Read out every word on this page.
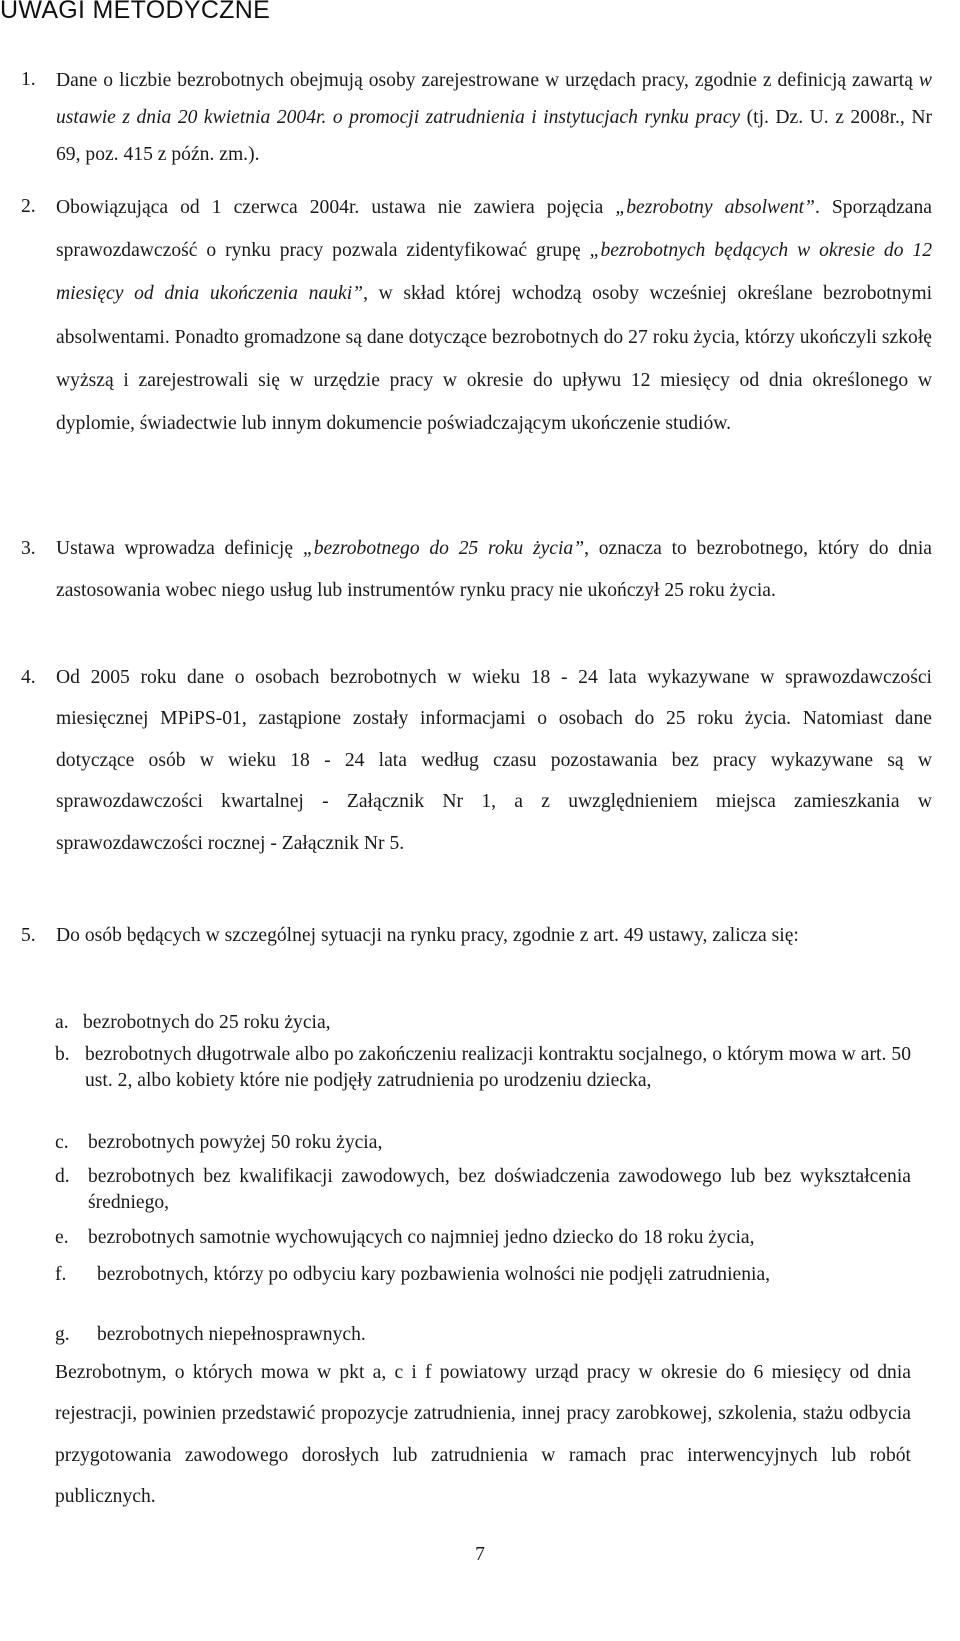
UWAGI METODYCZNE
1. Dane o liczbie bezrobotnych obejmują osoby zarejestrowane w urzędach pracy, zgodnie z definicją zawartą w ustawie z dnia 20 kwietnia 2004r. o promocji zatrudnienia i instytucjach rynku pracy (tj. Dz. U. z 2008r., Nr 69, poz. 415 z późn. zm.).

2. Obowiązująca od 1 czerwca 2004r. ustawa nie zawiera pojęcia „bezrobotny absolwent”. Sporządzana sprawozdawczość o rynku pracy pozwala zidentyfikować grupę „bezrobotnych będących w okresie do 12 miesięcy od dnia ukończenia nauki”, w skład której wchodzą osoby wcześniej określane bezrobotnymi absolwentami. Ponadto gromadzone są dane dotyczące bezrobotnych do 27 roku życia, którzy ukończyli szkołę wyższą i zarejestrowali się w urzędzie pracy w okresie do upływu 12 miesięcy od dnia określonego w dyplomie, świadectwie lub innym dokumencie poświadczającym ukończenie studiów.

3. Ustawa wprowadza definicję „bezrobotnego do 25 roku życia”, oznacza to bezrobotnego, który do dnia zastosowania wobec niego usług lub instrumentów rynku pracy nie ukończył 25 roku życia.

4. Od 2005 roku dane o osobach bezrobotnych w wieku 18 - 24 lata wykazywane w sprawozdawczości miesięcznej MPiPS-01, zastąpione zostały informacjami o osobach do 25 roku życia. Natomiast dane dotyczące osób w wieku 18 - 24 lata według czasu pozostawania bez pracy wykazywane są w sprawozdawczości kwartalnej - Załącznik Nr 1, a z uwzględnieniem miejsca zamieszkania w sprawozdawczości rocznej - Załącznik Nr 5.

5. Do osób będących w szczególnej sytuacji na rynku pracy, zgodnie z art. 49 ustawy, zalicza się:

a. bezrobotnych do 25 roku życia,
b. bezrobotnych długotrwale albo po zakończeniu realizacji kontraktu socjalnego, o którym mowa w art. 50 ust. 2, albo kobiety które nie podjęły zatrudnienia po urodzeniu dziecka,
c. bezrobotnych powyżej 50 roku życia,
d. bezrobotnych bez kwalifikacji zawodowych, bez doświadczenia zawodowego lub bez wykształcenia średniego,
e. bezrobotnych samotnie wychowujących co najmniej jedno dziecko do 18 roku życia,
f. bezrobotnych, którzy po odbyciu kary pozbawienia wolności nie podjęli zatrudnienia,
g. bezrobotnych niepełnosprawnych.

Bezrobotnym, o których mowa w pkt a, c i f powiatowy urząd pracy w okresie do 6 miesięcy od dnia rejestracji, powinien przedstawić propozycje zatrudnienia, innej pracy zarobkowej, szkolenia, stażu odbycia przygotowania zawodowego dorosłych lub zatrudnienia w ramach prac interwencyjnych lub robót publicznych.

7
